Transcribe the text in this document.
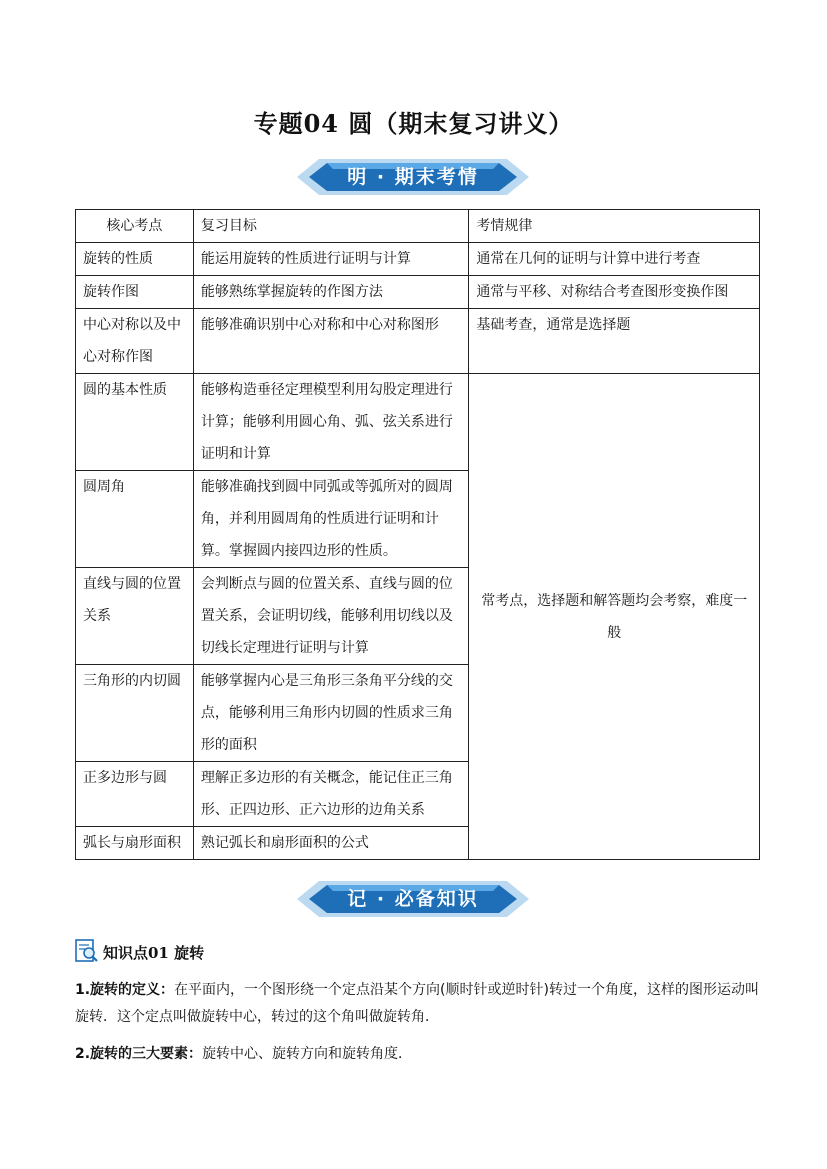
专题04 圆（期末复习讲义）
明 · 期末考情
核心考点	复习目标	考情规律
旋转的性质	能运用旋转的性质进行证明与计算	通常在几何的证明与计算中进行考查
旋转作图	能够熟练掌握旋转的作图方法	通常与平移、对称结合考查图形变换作图
中心对称以及中心对称作图	能够准确识别中心对称和中心对称图形	基础考查，通常是选择题
圆的基本性质	能够构造垂径定理模型利用勾股定理进行计算；能够利用圆心角、弧、弦关系进行证明和计算	常考点，选择题和解答题均会考察，难度一般
圆周角	能够准确找到圆中同弧或等弧所对的圆周角，并利用圆周角的性质进行证明和计算。掌握圆内接四边形的性质。	
直线与圆的位置关系	会判断点与圆的位置关系、直线与圆的位置关系，会证明切线，能够利用切线以及切线长定理进行证明与计算	
三角形的内切圆	能够掌握内心是三角形三条角平分线的交点，能够利用三角形内切圆的性质求三角形的面积	
正多边形与圆	理解正多边形的有关概念，能记住正三角形、正四边形、正六边形的边角关系	
弧长与扇形面积	熟记弧长和扇形面积的公式	
记 · 必备知识
知识点01 旋转
1.旋转的定义：在平面内，一个图形绕一个定点沿某个方向(顺时针或逆时针)转过一个角度，这样的图形运动叫旋转．这个定点叫做旋转中心，转过的这个角叫做旋转角．
2.旋转的三大要素：旋转中心、旋转方向和旋转角度．
